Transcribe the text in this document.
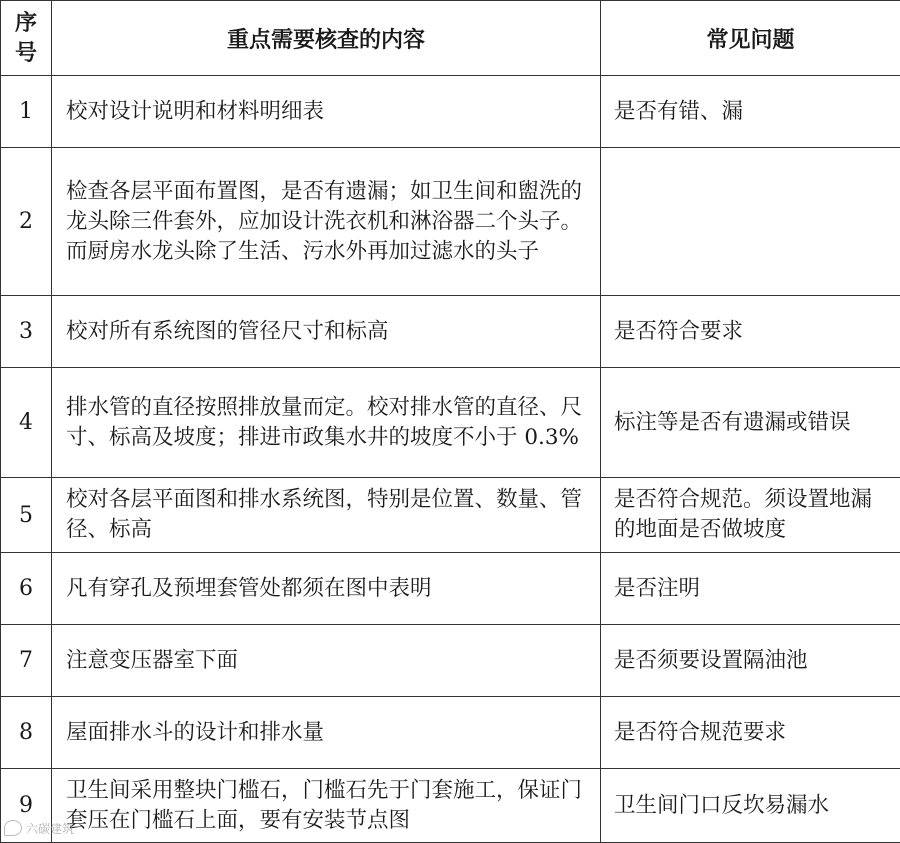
序
号	重点需要核查的内容	常见问题
1	校对设计说明和材料明细表	是否有错、漏
2	检查各层平面布置图，是否有遗漏；如卫生间和盥洗的龙头除三件套外，应加设计洗衣机和淋浴器二个头子。而厨房水龙头除了生活、污水外再加过滤水的头子	
3	校对所有系统图的管径尺寸和标高	是否符合要求
4	排水管的直径按照排放量而定。校对排水管的直径、尺寸、标高及坡度；排进市政集水井的坡度不小于 0.3%	标注等是否有遗漏或错误
5	校对各层平面图和排水系统图，特别是位置、数量、管径、标高	是否符合规范。须设置地漏的地面是否做坡度
6	凡有穿孔及预埋套管处都须在图中表明	是否注明
7	注意变压器室下面	是否须要设置隔油池
8	屋面排水斗的设计和排水量	是否符合规范要求
9	卫生间采用整块门槛石，门槛石先于门套施工，保证门套压在门槛石上面，要有安装节点图	卫生间门口反坎易漏水
六碳建筑
